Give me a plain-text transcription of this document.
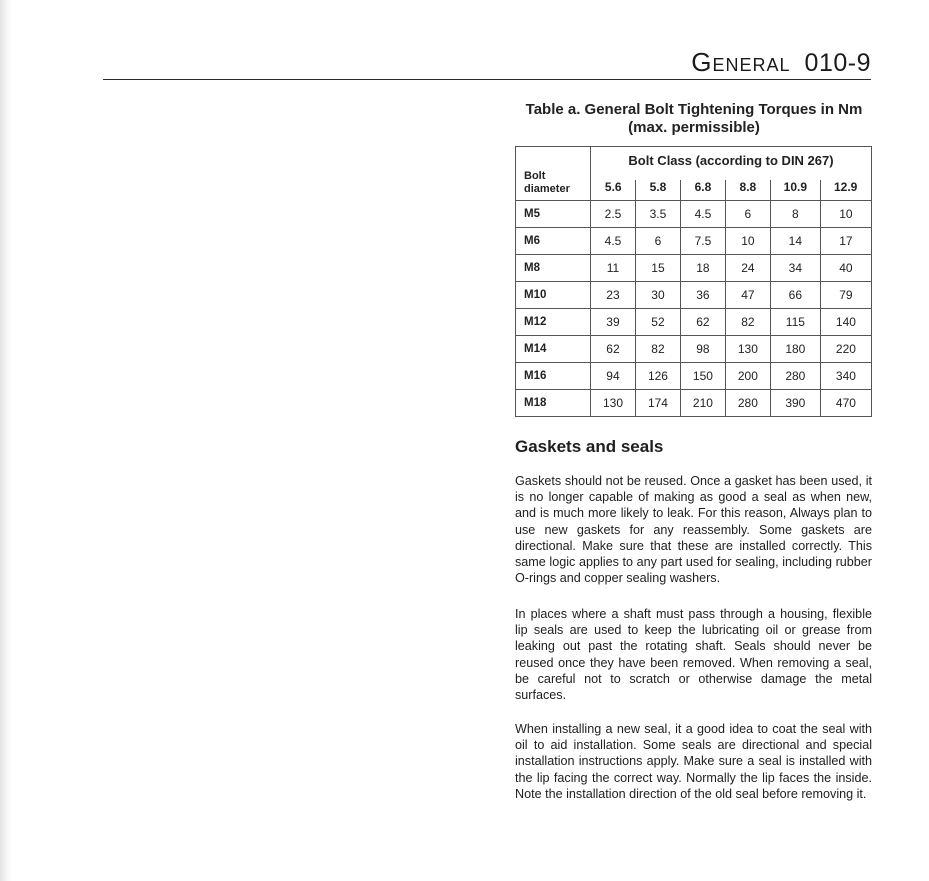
General 010-9
Table a. General Bolt Tightening Torques in Nm
(max. permissible)
Bolt
diameter	Bolt Class (according to DIN 267)					
	5.6	5.8	6.8	8.8	10.9	12.9
M5	2.5	3.5	4.5	6	8	10
M6	4.5	6	7.5	10	14	17
M8	11	15	18	24	34	40
M10	23	30	36	47	66	79
M12	39	52	62	82	115	140
M14	62	82	98	130	180	220
M16	94	126	150	200	280	340
M18	130	174	210	280	390	470
Gaskets and seals

Gaskets should not be reused. Once a gasket has been used, it is no longer capable of making as good a seal as when new, and is much more likely to leak. For this reason, Always plan to use new gaskets for any reassembly. Some gaskets are directional. Make sure that these are installed correctly. This same logic applies to any part used for sealing, including rubber O-rings and copper sealing washers.

In places where a shaft must pass through a housing, flexible lip seals are used to keep the lubricating oil or grease from leaking out past the rotating shaft. Seals should never be reused once they have been removed. When removing a seal, be careful not to scratch or otherwise damage the metal surfaces.

When installing a new seal, it a good idea to coat the seal with oil to aid installation. Some seals are directional and special installation instructions apply. Make sure a seal is installed with the lip facing the correct way. Normally the lip faces the inside. Note the installation direction of the old seal before removing it.
